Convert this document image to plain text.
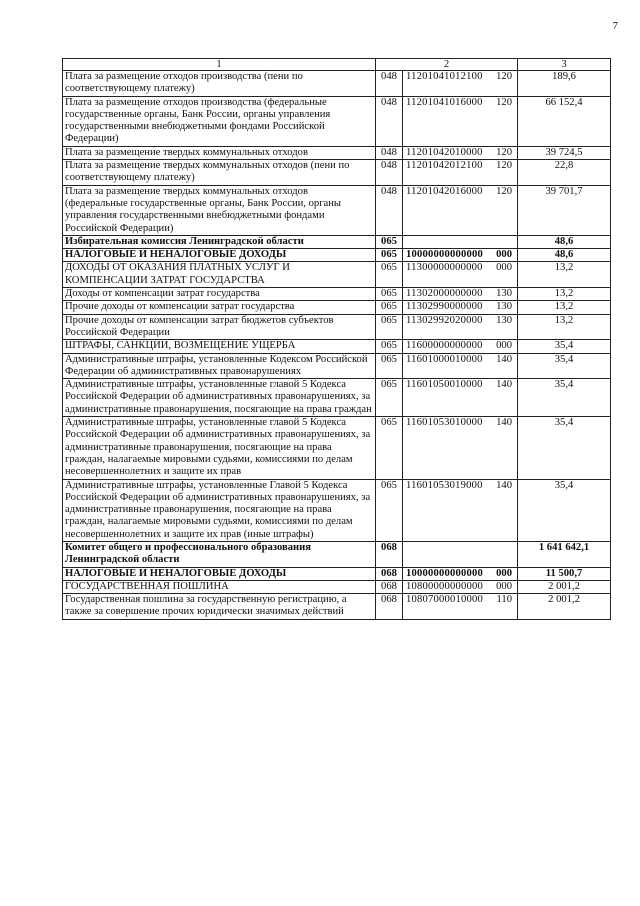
7
1	2		3
Плата за размещение отходов производства (пени по соответствующему платежу)	048	11201041012100 120	189,6
Плата за размещение отходов производства (федеральные государственные органы, Банк России, органы управления государственными внебюджетными фондами Российской Федерации)	048	11201041016000 120	66 152,4
Плата за размещение твердых коммунальных отходов	048	11201042010000 120	39 724,5
Плата за размещение твердых коммунальных отходов (пени по соответствующему платежу)	048	11201042012100 120	22,8
Плата за размещение твердых коммунальных отходов (федеральные государственные органы, Банк России, органы управления государственными внебюджетными фондами Российской Федерации)	048	11201042016000 120	39 701,7
Избирательная комиссия Ленинградской области	065		48,6
НАЛОГОВЫЕ И НЕНАЛОГОВЫЕ ДОХОДЫ	065	10000000000000 000	48,6
ДОХОДЫ ОТ ОКАЗАНИЯ ПЛАТНЫХ УСЛУГ И КОМПЕНСАЦИИ ЗАТРАТ ГОСУДАРСТВА	065	11300000000000 000	13,2
Доходы от компенсации затрат государства	065	11302000000000 130	13,2
Прочие доходы от компенсации затрат государства	065	11302990000000 130	13,2
Прочие доходы от компенсации затрат бюджетов субъектов Российской Федерации	065	11302992020000 130	13,2
ШТРАФЫ, САНКЦИИ, ВОЗМЕЩЕНИЕ УЩЕРБА	065	11600000000000 000	35,4
Административные штрафы, установленные Кодексом Российской Федерации об административных правонарушениях	065	11601000010000 140	35,4
Административные штрафы, установленные главой 5 Кодекса Российской Федерации об административных правонарушениях, за административные правонарушения, посягающие на права граждан	065	11601050010000 140	35,4
Административные штрафы, установленные главой 5 Кодекса Российской Федерации об административных правонарушениях, за административные правонарушения, посягающие на права граждан, налагаемые мировыми судьями, комиссиями по делам несовершеннолетних и защите их прав	065	11601053010000 140	35,4
Административные штрафы, установленные Главой 5 Кодекса Российской Федерации об административных правонарушениях, за административные правонарушения, посягающие на права граждан, налагаемые мировыми судьями, комиссиями по делам несовершеннолетних и защите их прав (иные штрафы)	065	11601053019000 140	35,4
Комитет общего и профессионального образования Ленинградской области	068		1 641 642,1
НАЛОГОВЫЕ И НЕНАЛОГОВЫЕ ДОХОДЫ	068	10000000000000 000	11 500,7
ГОСУДАРСТВЕННАЯ ПОШЛИНА	068	10800000000000 000	2 001,2
Государственная пошлина за государственную регистрацию, а также за совершение прочих юридически значимых действий	068	10807000010000 110	2 001,2
